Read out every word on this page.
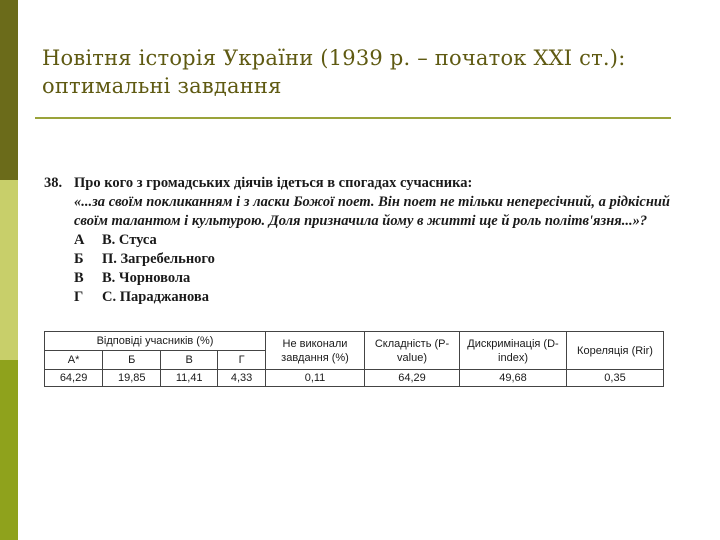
Новітня історія України (1939 р. – початок ХХІ ст.):
оптимальні завдання
38. Про кого з громадських діячів ідеться в спогадах сучасника:
«...за своїм покликанням і з ласки Божої поет. Він поет не тільки непересічний, а рідкісний своїм талантом і культурою. Доля призначила йому в житті ще й роль політв'язня...»?
А	В. Стуса
Б	П. Загребельного
В	В. Чорновола
Г	С. Параджанова
Відповіді учасників (%)				Не виконали завдання (%)	Складність (P-value)	Дискримінація (D-index)	Кореляція (Rir)
А*	Б	В	Г				
64,29	19,85	11,41	4,33	0,11	64,29	49,68	0,35
